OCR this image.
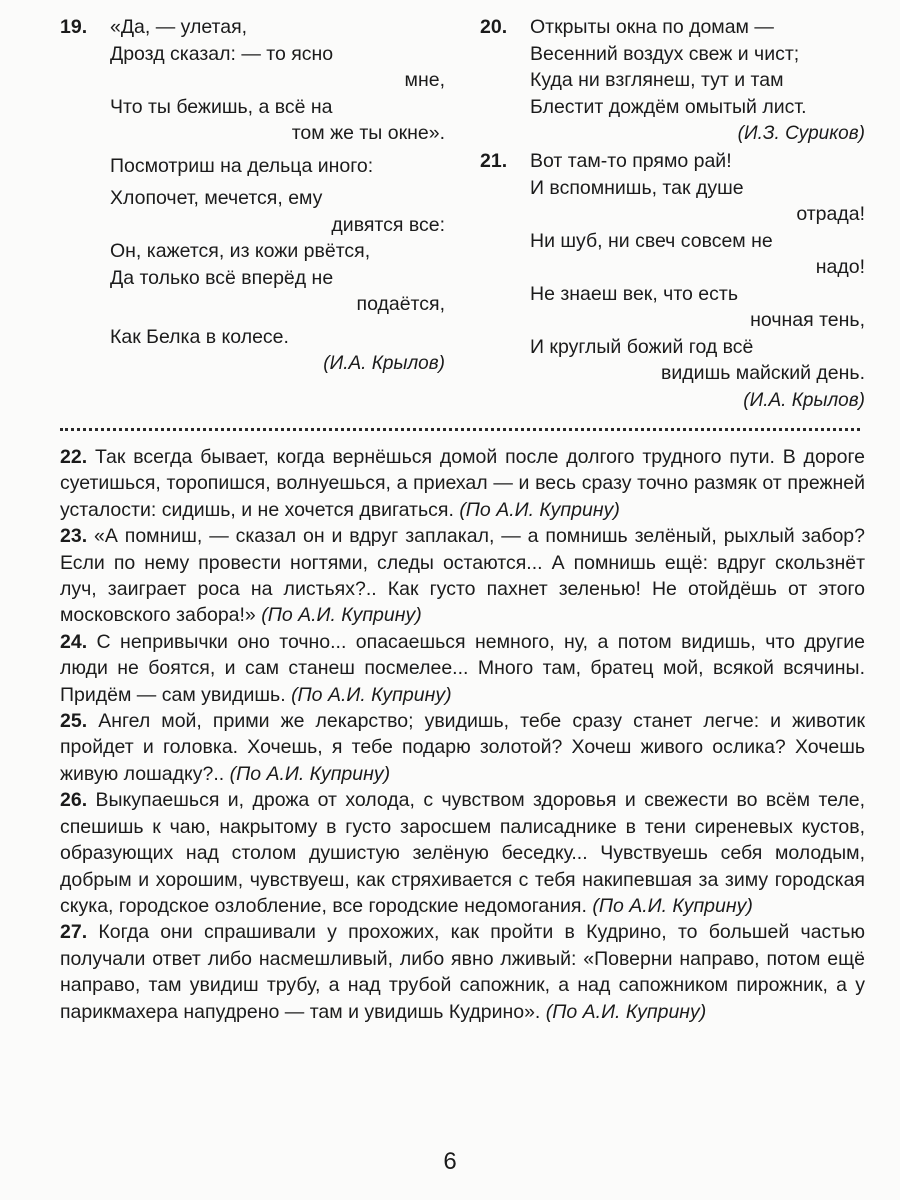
19. «Да, — улетая,
Дрозд сказал: — то ясно
мне,
Что ты бежишь, а всё на
том же ты окне».
Посмотриш на дельца иного:
Хлопочет, мечется, ему
дивятся все:
Он, кажется, из кожи рвётся,
Да только всё вперёд не
подаётся,
Как Белка в колесе.
(И.А. Крылов)
20. Открыты окна по домам —
Весенний воздух свеж и чист;
Куда ни взглянеш, тут и там
Блестит дождём омытый лист.
(И.З. Суриков)
21. Вот там-то прямо рай!
И вспомнишь, так душе
отрада!
Ни шуб, ни свеч совсем не
надо!
Не знаеш век, что есть
ночная тень,
И круглый божий год всё
видишь майский день.
(И.А. Крылов)
22. Так всегда бывает, когда вернёшься домой после долгого трудного пути. В дороге суетишься, торопишся, волнуешься, а приехал — и весь сразу точно размяк от прежней усталости: сидишь, и не хочется двигаться. (По А.И. Куприну)
23. «А помниш, — сказал он и вдруг заплакал, — а помнишь зелёный, рыхлый забор? Если по нему провести ногтями, следы остаются... А помнишь ещё: вдруг скользнёт луч, заиграет роса на листьях?.. Как густо пахнет зеленью! Не отойдёшь от этого московского забора!» (По А.И. Куприну)
24. С непривычки оно точно... опасаешься немного, ну, а потом видишь, что другие люди не боятся, и сам станеш посмелее... Много там, братец мой, всякой всячины. Придём — сам увидишь. (По А.И. Куприну)
25. Ангел мой, прими же лекарство; увидишь, тебе сразу станет легче: и животик пройдет и головка. Хочешь, я тебе подарю золотой? Хочеш живого ослика? Хочешь живую лошадку?.. (По А.И. Куприну)
26. Выкупаешься и, дрожа от холода, с чувством здоровья и свежести во всём теле, спешишь к чаю, накрытому в густо заросшем палисаднике в тени сиреневых кустов, образующих над столом душистую зелёную беседку... Чувствуешь себя молодым, добрым и хорошим, чувствуеш, как стряхивается с тебя накипевшая за зиму городская скука, городское озлобление, все городские недомогания. (По А.И. Куприну)
27. Когда они спрашивали у прохожих, как пройти в Кудрино, то большей частью получали ответ либо насмешливый, либо явно лживый: «Поверни направо, потом ещё направо, там увидиш трубу, а над трубой сапожник, а над сапожником пирожник, а у парикмахера напудрено — там и увидишь Кудрино». (По А.И. Куприну)
6
